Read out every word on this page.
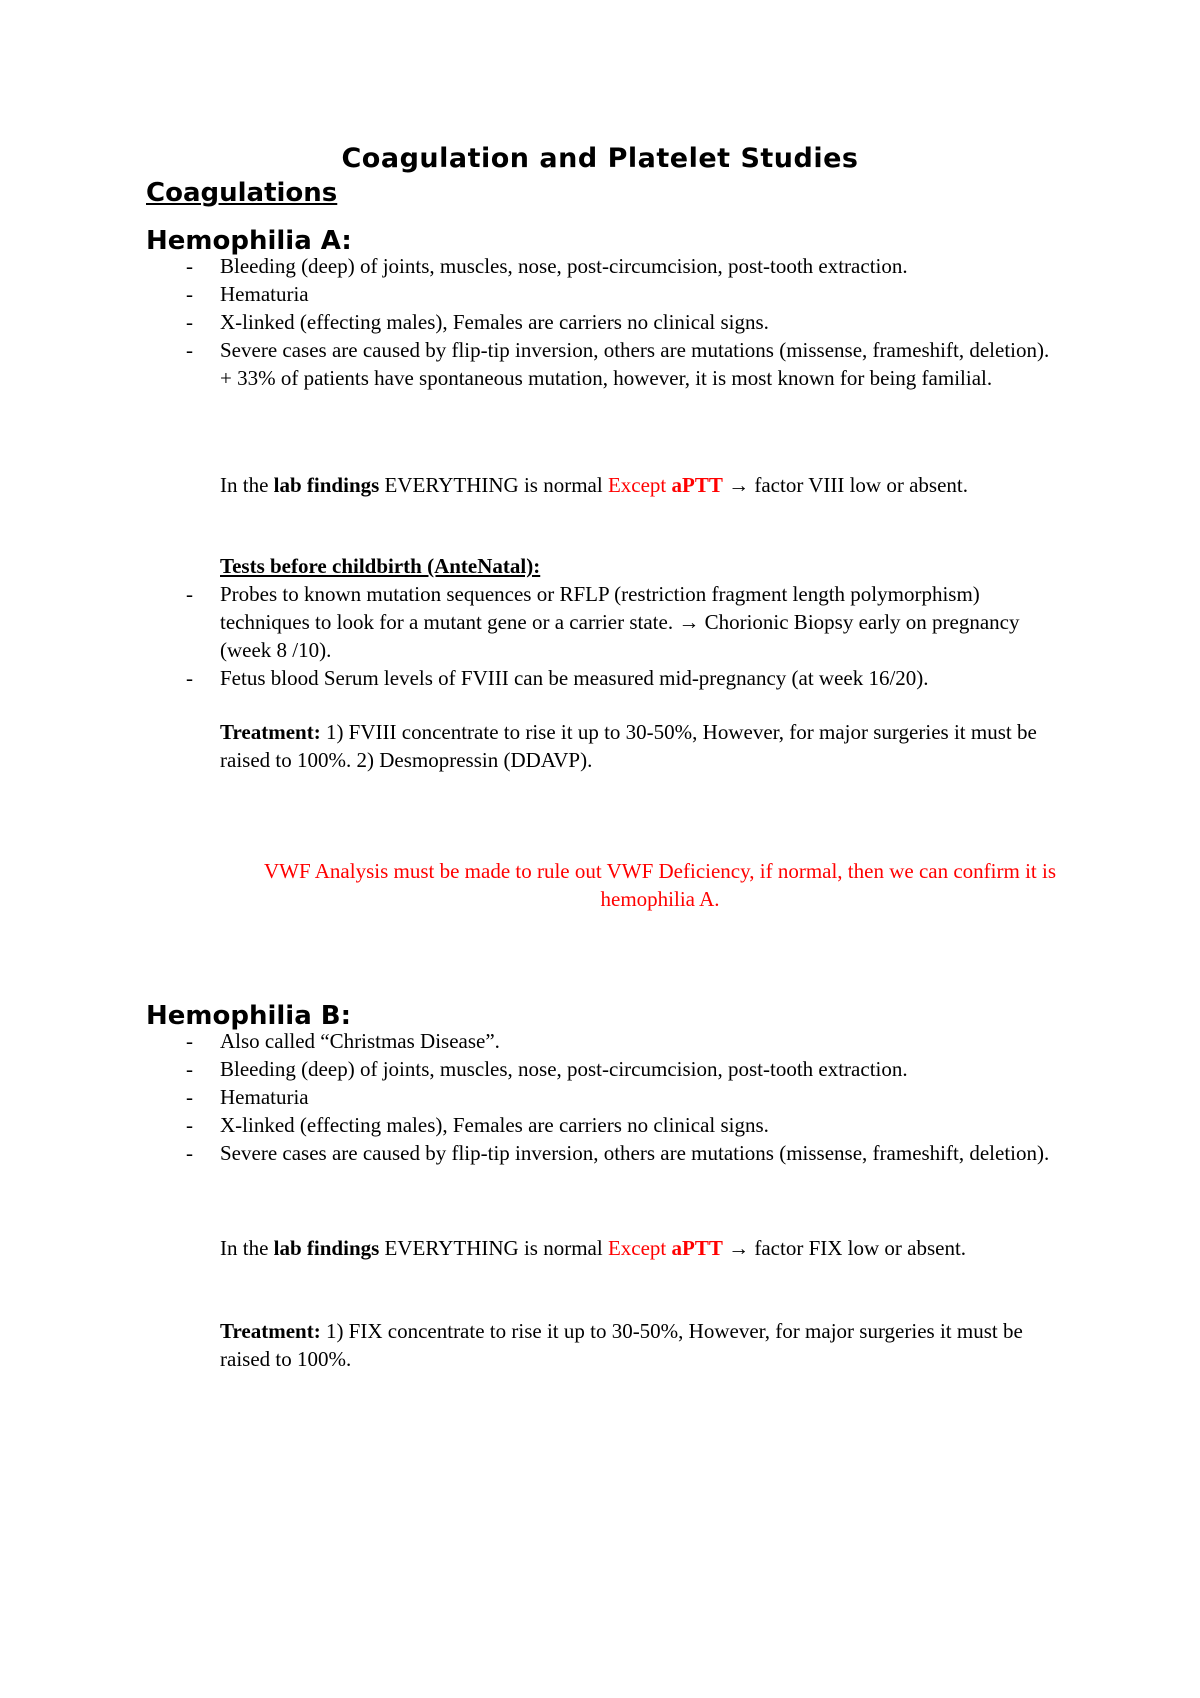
Coagulation and Platelet Studies
Coagulations
Hemophilia A:
- Bleeding (deep) of joints, muscles, nose, post-circumcision, post-tooth extraction.
- Hematuria
- X-linked (effecting males), Females are carriers no clinical signs.
- Severe cases are caused by flip-tip inversion, others are mutations (missense, frameshift, deletion). + 33% of patients have spontaneous mutation, however, it is most known for being familial.

In the lab findings EVERYTHING is normal Except aPTT → factor VIII low or absent.

Tests before childbirth (AnteNatal):

- Probes to known mutation sequences or RFLP (restriction fragment length polymorphism) techniques to look for a mutant gene or a carrier state. → Chorionic Biopsy early on pregnancy (week 8 /10).
- Fetus blood Serum levels of FVIII can be measured mid-pregnancy (at week 16/20).

Treatment: 1) FVIII concentrate to rise it up to 30-50%, However, for major surgeries it must be raised to 100%. 2) Desmopressin (DDAVP).

VWF Analysis must be made to rule out VWF Deficiency, if normal, then we can confirm it is hemophilia A.

Hemophilia B:
- Also called “Christmas Disease”.
- Bleeding (deep) of joints, muscles, nose, post-circumcision, post-tooth extraction.
- Hematuria
- X-linked (effecting males), Females are carriers no clinical signs.
- Severe cases are caused by flip-tip inversion, others are mutations (missense, frameshift, deletion).

In the lab findings EVERYTHING is normal Except aPTT → factor FIX low or absent.

Treatment: 1) FIX concentrate to rise it up to 30-50%, However, for major surgeries it must be raised to 100%.
